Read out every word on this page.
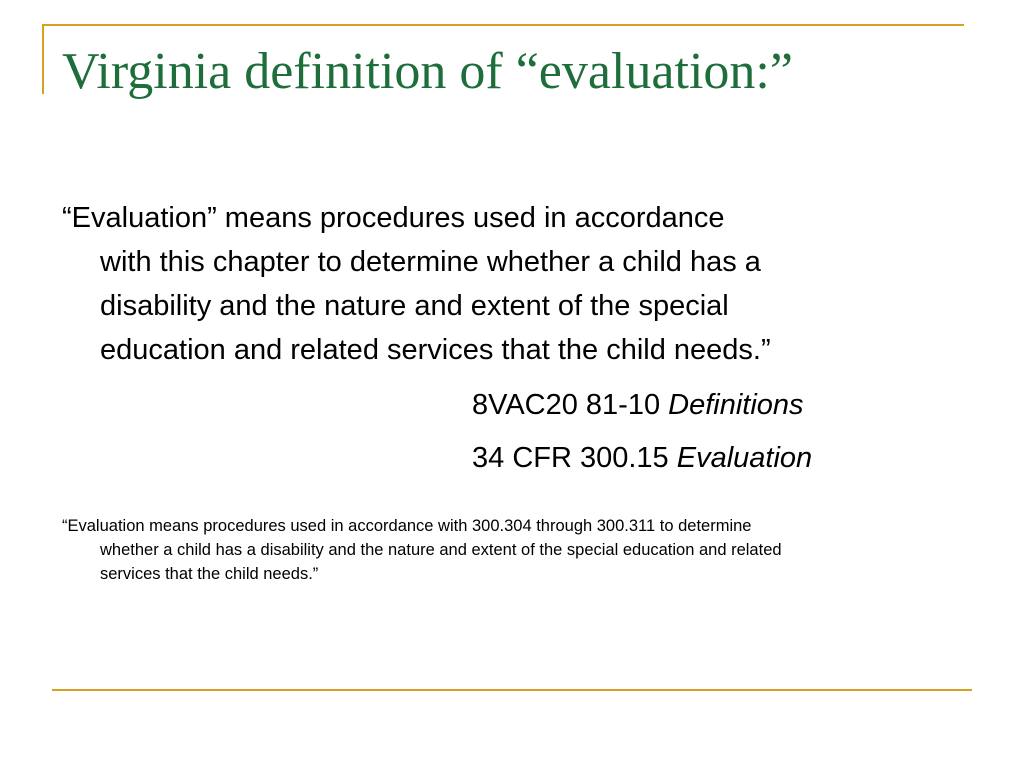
Virginia definition of “evaluation:”

“Evaluation” means procedures used in accordance
with this chapter to determine whether a child has a
disability and the nature and extent of the special
education and related services that the child needs.”

8VAC20 81-10 Definitions

34 CFR 300.15 Evaluation

“Evaluation means procedures used in accordance with 300.304 through 300.311 to determine
whether a child has a disability and the nature and extent of the special education and related
services that the child needs.”
